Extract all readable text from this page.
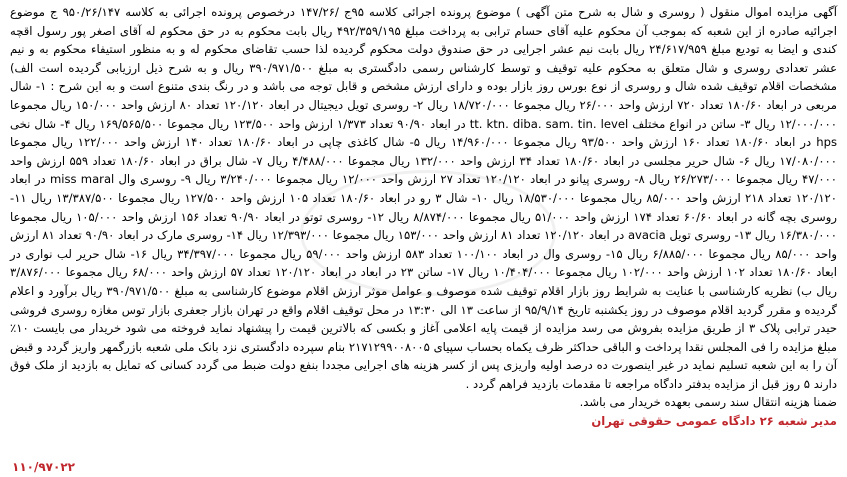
آگهی مزایده اموال منقول ( روسری و شال به شرح متن آگهی ) موضوع پرونده اجرائی کلاسه ۹۵ج /۱۴۷/۲۶ درخصوص پرونده اجرائی به کلاسه ۹۵۰/۲۶/۱۴۷ ج موضوع اجرائیه صادره از این شعبه که بموجب آن محکوم علیه آقای حسام ترابی به پرداخت مبلغ ۴۹۲/۳۵۹/۱۹۵ ریال بابت محکوم به در حق محکوم له آقای اصغر پور رسول اقچه کندی و ایضا به تودیع مبلغ ۲۴/۶۱۷/۹۵۹ ریال بابت نیم عشر اجرایی در حق صندوق دولت محکوم گردیده لذا حسب تقاضای محکوم له و به منظور استیفاء محکوم به و نیم عشر تعدادی روسری و شال متعلق به محکوم علیه توقیف و توسط کارشناس رسمی دادگستری به مبلغ ۳۹۰/۹۷۱/۵۰۰ ریال و به شرح ذیل ارزیابی گردیده است الف) مشخصات اقلام توقیف شده شال و روسری از نوع بورس روز بازار بوده و دارای ارزش مشخص و قابل توجه می باشد و در رنگ بندی متنوع است و به این شرح : ۱- شال مربعی در ابعاد ۱۸۰/۶۰ تعداد ۷۲۰ ارزش واحد ۲۶/۰۰۰ ریال مجموعا ۱۸/۷۲۰/۰۰۰ ریال ۲- روسری تویل دیجیتال در ابعاد ۱۲۰/۱۲۰ تعداد ۸۰ ارزش واحد ۱۵۰/۰۰۰ ریال مجموعا ۱۲/۰۰۰/۰۰۰ ریال ۳- ساتن در انواع مختلف tt. ktn. diba. sam. tin. level در ابعاد ۹۰/۹۰ تعداد ۱/۳۷۳ ارزش واحد ۱۲۳/۵۰۰ ریال مجموعا ۱۶۹/۵۶۵/۵۰۰ ریال ۴- شال نخی hps در ابعاد ۱۸۰/۶۰ تعداد ۱۶۰ ارزش واحد ۹۳/۵۰۰ ریال مجموعا ۱۴/۹۶۰/۰۰۰ ریال ۵- شال کاغذی چاپی در ابعاد ۱۸۰/۶۰ تعداد ۱۴۰ ارزش واحد ۱۲۲/۰۰۰ ریال مجموعا ۱۷/۰۸۰/۰۰۰ ریال ۶- شال حریر مجلسی در ابعاد ۱۸۰/۶۰ تعداد ۳۴ ارزش واحد ۱۳۲/۰۰۰ ریال مجموعا ۴/۴۸۸/۰۰۰ ریال ۷- شال براق در ابعاد ۱۸۰/۶۰ تعداد ۵۵۹ ارزش واحد ۴۷/۰۰۰ ریال مجموعا ۲۶/۲۷۳/۰۰۰ ریال ۸- روسری پیانو در ابعاد ۱۲۰/۱۲۰ تعداد ۲۷ ارزش واحد ۱۲/۰۰۰ ریال مجموعا ۳/۲۴۰/۰۰۰ ریال ۹- روسری وال miss maral در ابعاد ۱۲۰/۱۲۰ تعداد ۲۱۸ ارزش واحد ۸۵/۰۰۰ ریال مجموعا ۱۸/۵۳۰/۰۰۰ ریال ۱۰- شال ۳ رو در ابعاد ۱۸۰/۶۰ تعداد ۱۰۵ ارزش واحد ۱۲۷/۵۰۰ ریال مجموعا ۱۳/۳۸۷/۵۰۰ ریال ۱۱- روسری بچه گانه در ابعاد ۶۰/۶۰ تعداد ۱۷۴ ارزش واحد ۵۱/۰۰۰ ریال مجموعا ۸/۸۷۴/۰۰۰ ریال ۱۲- روسری توتو در ابعاد ۹۰/۹۰ تعداد ۱۵۶ ارزش واحد ۱۰۵/۰۰۰ ریال مجموعا ۱۶/۳۸۰/۰۰۰ ریال ۱۳- روسری تویل avacia در ابعاد ۱۲۰/۱۲۰ تعداد ۸۱ ارزش واحد ۱۵۳/۰۰۰ ریال مجموعا ۱۲/۳۹۳/۰۰۰ ریال ۱۴- روسری مارک در ابعاد ۹۰/۹۰ تعداد ۸۱ ارزش واحد ۸۵/۰۰۰ ریال مجموعا ۶/۸۸۵/۰۰۰ ریال ۱۵- روسری وال در ابعاد ۱۰۰/۱۰۰ تعداد ۵۸۳ ارزش واحد ۵۹/۰۰۰ ریال مجموعا ۳۴/۳۹۷/۰۰۰ ریال ۱۶- شال حریر لب نواری در ابعاد ۱۸۰/۶۰ تعداد ۱۰۲ ارزش واحد ۱۰۲/۰۰۰ ریال مجموعا ۱۰/۴۰۴/۰۰۰ ریال ۱۷- ساتن ۲۳ در ابعاد در ابعاد ۱۲۰/۱۲۰ تعداد ۵۷ ارزش واحد ۶۸/۰۰۰ ریال مجموعا ۳/۸۷۶/۰۰۰ ریال ب) نظریه کارشناسی با عنایت به شرایط روز بازار اقلام توقیف شده موصوف و عوامل موثر ارزش اقلام موضوع کارشناسی به مبلغ ۳۹۰/۹۷۱/۵۰۰ ریال برآورد و اعلام گردیده و مقرر گردید اقلام موصوف در روز یکشنبه تاریخ ۹۵/۹/۱۴ از ساعت ۱۳ الی ۱۳:۳۰ در محل توقیف اقلام واقع در تهران بازار جعفری بازار توس مغازه روسری فروشی حیدر ترابی پلاک ۳ از طریق مزایده بفروش می رسد مزایده از قیمت پایه اعلامی آغاز و بکسی که بالاترین قیمت را پیشنهاد نماید فروخته می شود خریدار می بایست ۱۰٪ مبلغ مزایده را فی المجلس نقدا پرداخت و الباقی حداکثر ظرف یکماه بحساب سپیای ۲۱۷۱۲۹۹۰۰۸۰۰۵ بنام سپرده دادگستری نزد بانک ملی شعبه بازرگمهر واریز گردد و قبض آن را به این شعبه تسلیم نماید در غیر اینصورت ده درصد اولیه واریزی پس از کسر هزینه های اجرایی مجددا بنفع دولت ضبط می گردد کسانی که تمایل به بازدید از ملک فوق دارند ۵ روز قبل از مزایده بدفتر دادگاه مراجعه تا مقدمات بازدید فراهم گردد .

ضمنا هزینه انتقال سند رسمی بعهده خریدار می باشد.

مدیر شعبه ۲۶ دادگاه عمومی حقوقی تهران

۱۱۰/۹۷۰۲۲
